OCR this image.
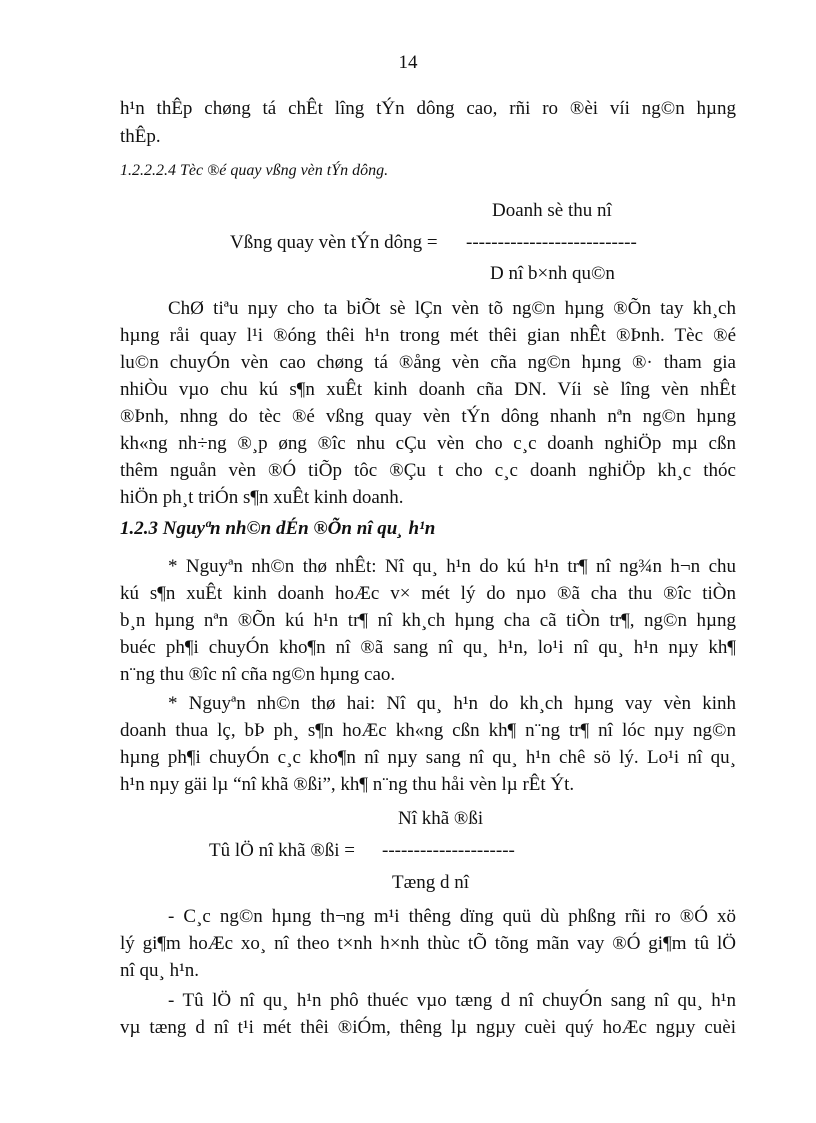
14
h¹n thÊp chøng tá chÊt lîng tÝn dông cao, rñi ro ®èi víi ng©n hµng
thÊp.
1.2.2.2.4 Tèc ®é quay vßng vèn tÝn dông.
Doanh sè thu nî
Vßng quay vèn tÝn dông = ---------------------------
D nî b×nh qu©n
ChØ tiªu nµy cho ta biÕt sè lÇn vèn tõ ng©n hµng ®Õn tay kh¸ch
hµng råi quay l¹i ®óng thêi h¹n trong mét thêi gian nhÊt ®Þnh. Tèc ®é
lu©n chuyÓn vèn cao chøng tá ®ång vèn cña ng©n hµng ®· tham gia
nhiÒu vµo chu kú s¶n xuÊt kinh doanh cña DN. Víi sè lîng vèn nhÊt
®Þnh, nhng do tèc ®é vßng quay vèn tÝn dông nhanh nªn ng©n hµng
kh«ng nh÷ng ®¸p øng ®îc nhu cÇu vèn cho c¸c doanh nghiÖp mµ cßn
thêm nguån vèn ®Ó tiÕp tôc ®Çu t cho c¸c doanh nghiÖp kh¸c thóc
hiÖn ph¸t triÓn s¶n xuÊt kinh doanh.
1.2.3 Nguyªn nh©n dÉn ®Õn nî qu¸ h¹n
* Nguyªn nh©n thø nhÊt: Nî qu¸ h¹n do kú h¹n tr¶ nî ng¾n h¬n chu
kú s¶n xuÊt kinh doanh hoÆc v× mét lý do nµo ®ã cha thu ®îc tiÒn
b¸n hµng nªn ®Õn kú h¹n tr¶ nî kh¸ch hµng cha cã tiÒn tr¶, ng©n hµng
buéc ph¶i chuyÓn kho¶n nî ®ã sang nî qu¸ h¹n, lo¹i nî qu¸ h¹n nµy kh¶
n¨ng thu ®îc nî cña ng©n hµng cao.
* Nguyªn nh©n thø hai: Nî qu¸ h¹n do kh¸ch hµng vay vèn kinh
doanh thua lç, bÞ ph¸ s¶n hoÆc kh«ng cßn kh¶ n¨ng tr¶ nî lóc nµy ng©n
hµng ph¶i chuyÓn c¸c kho¶n nî nµy sang nî qu¸ h¹n chê sö lý. Lo¹i nî qu¸
h¹n nµy gäi lµ “nî khã ®ßi”, kh¶ n¨ng thu håi vèn lµ rÊt Ýt.
Nî khã ®ßi
Tû lÖ nî khã ®ßi = ---------------------
Tæng d nî
- C¸c ng©n hµng th¬ng m¹i thêng dïng quü dù phßng rñi ro ®Ó xö
lý gi¶m hoÆc xo¸ nî theo t×nh h×nh thùc tÕ tõng mãn vay ®Ó gi¶m tû lÖ
nî qu¸ h¹n.
- Tû lÖ nî qu¸ h¹n phô thuéc vµo tæng d nî chuyÓn sang nî qu¸ h¹n
vµ tæng d nî t¹i mét thêi ®iÓm, thêng lµ ngµy cuèi quý hoÆc ngµy cuèi
